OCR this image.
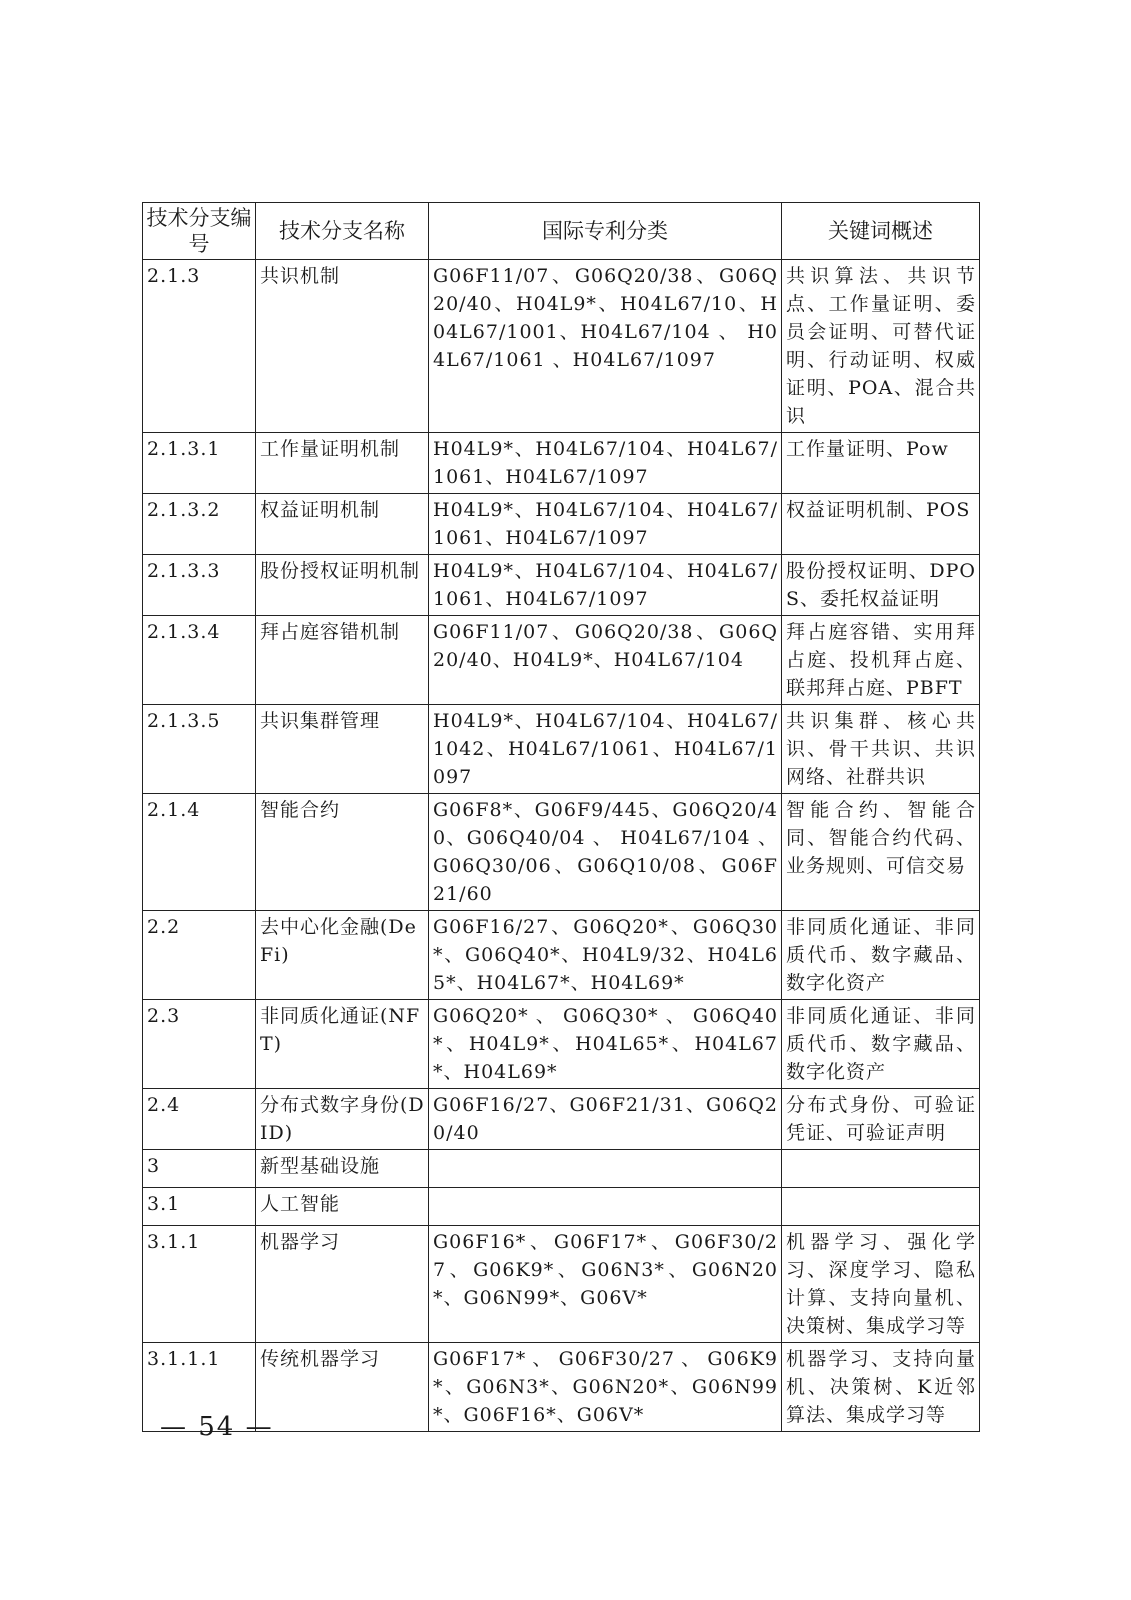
技术分支编号	技术分支名称	国际专利分类	关键词概述
2.1.3	共识机制	G06F11/07、G06Q20/38、G06Q20/40、H04L9*、H04L67/10、H04L67/1001、H04L67/104 、 H04L67/1061 、H04L67/1097	共识算法、共识节点、工作量证明、委员会证明、可替代证明、行动证明、权威证明、POA、混合共识
2.1.3.1	工作量证明机制	H04L9*、H04L67/104、H04L67/1061、H04L67/1097	工作量证明、Pow
2.1.3.2	权益证明机制	H04L9*、H04L67/104、H04L67/1061、H04L67/1097	权益证明机制、POS
2.1.3.3	股份授权证明机制	H04L9*、H04L67/104、H04L67/1061、H04L67/1097	股份授权证明、DPOS、委托权益证明
2.1.3.4	拜占庭容错机制	G06F11/07、G06Q20/38、G06Q20/40、H04L9*、H04L67/104	拜占庭容错、实用拜占庭、投机拜占庭、联邦拜占庭、PBFT
2.1.3.5	共识集群管理	H04L9*、H04L67/104、H04L67/1042、H04L67/1061、H04L67/1097	共识集群、核心共识、骨干共识、共识网络、社群共识
2.1.4	智能合约	G06F8*、G06F9/445、G06Q20/40、G06Q40/04 、 H04L67/104 、G06Q30/06、G06Q10/08、G06F21/60	智能合约、智能合同、智能合约代码、业务规则、可信交易
2.2	去中心化金融(DeFi)	G06F16/27、G06Q20*、G06Q30*、G06Q40*、H04L9/32、H04L65*、H04L67*、H04L69*	非同质化通证、非同质代币、数字藏品、数字化资产
2.3	非同质化通证(NFT)	G06Q20*、G06Q30*、G06Q40*、H04L9*、H04L65*、H04L67*、H04L69*	非同质化通证、非同质代币、数字藏品、数字化资产
2.4	分布式数字身份(DID)	G06F16/27、G06F21/31、G06Q20/40	分布式身份、可验证凭证、可验证声明
3	新型基础设施		
3.1	人工智能		
3.1.1	机器学习	G06F16*、G06F17*、G06F30/27、G06K9*、G06N3*、G06N20*、G06N99*、G06V*	机器学习、强化学习、深度学习、隐私计算、支持向量机、决策树、集成学习等
3.1.1.1	传统机器学习	G06F17*、G06F30/27、G06K9*、G06N3*、G06N20*、G06N99*、G06F16*、G06V*	机器学习、支持向量机、决策树、K近邻算法、集成学习等
— 54 —
